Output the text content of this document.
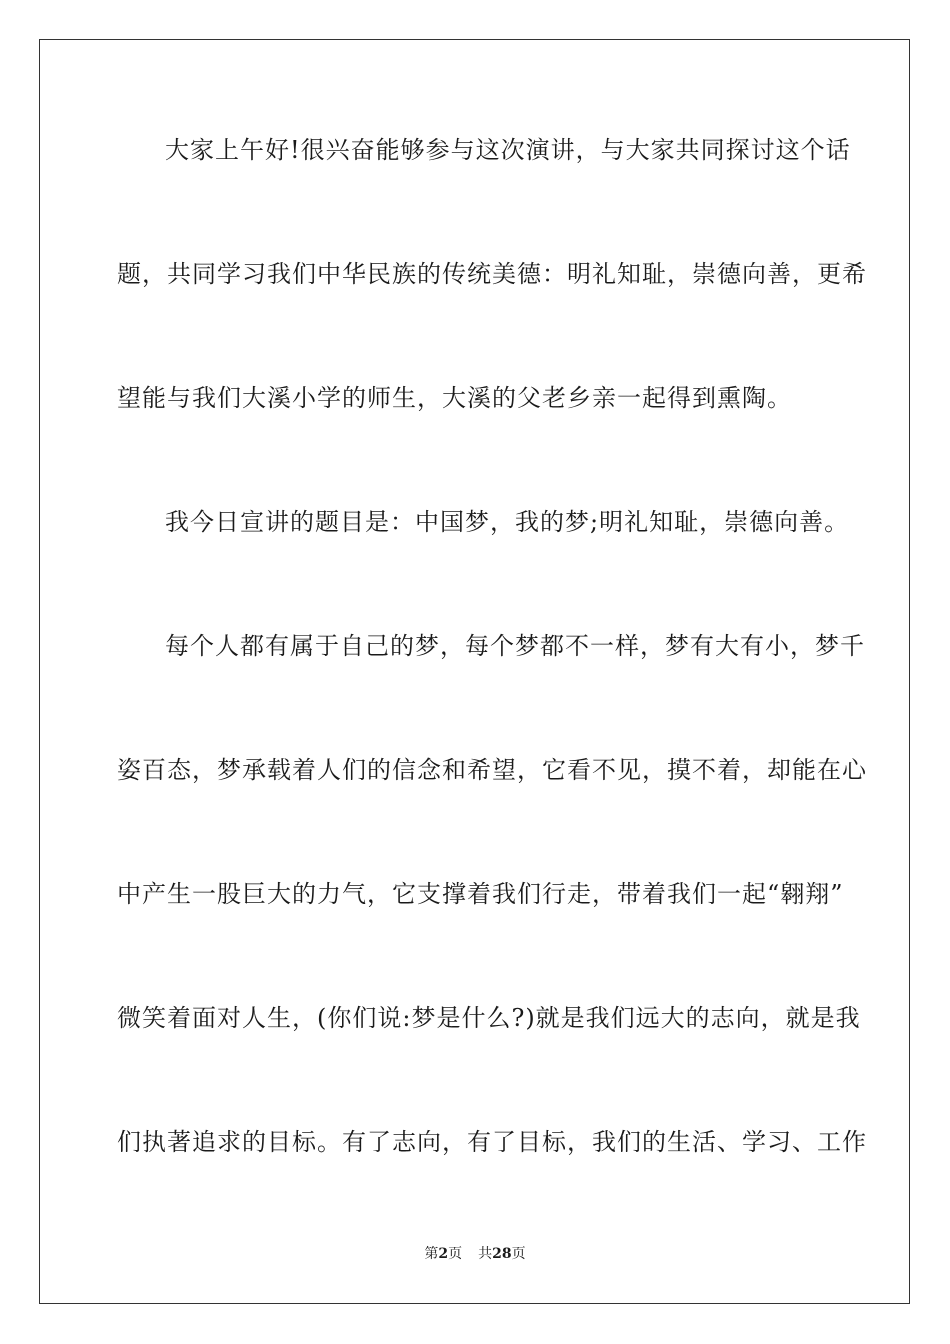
大家上午好!很兴奋能够参与这次演讲，与大家共同探讨这个话
题，共同学习我们中华民族的传统美德：明礼知耻，崇德向善，更希
望能与我们大溪小学的师生，大溪的父老乡亲一起得到熏陶。
我今日宣讲的题目是：中国梦，我的梦;明礼知耻，崇德向善。
每个人都有属于自己的梦，每个梦都不一样，梦有大有小，梦千
姿百态，梦承载着人们的信念和希望，它看不见，摸不着，却能在心
中产生一股巨大的力气，它支撑着我们行走，带着我们一起“翱翔”
微笑着面对人生，(你们说:梦是什么?)就是我们远大的志向，就是我
们执著追求的目标。有了志向，有了目标，我们的生活、学习、工作
第2页 共28页
